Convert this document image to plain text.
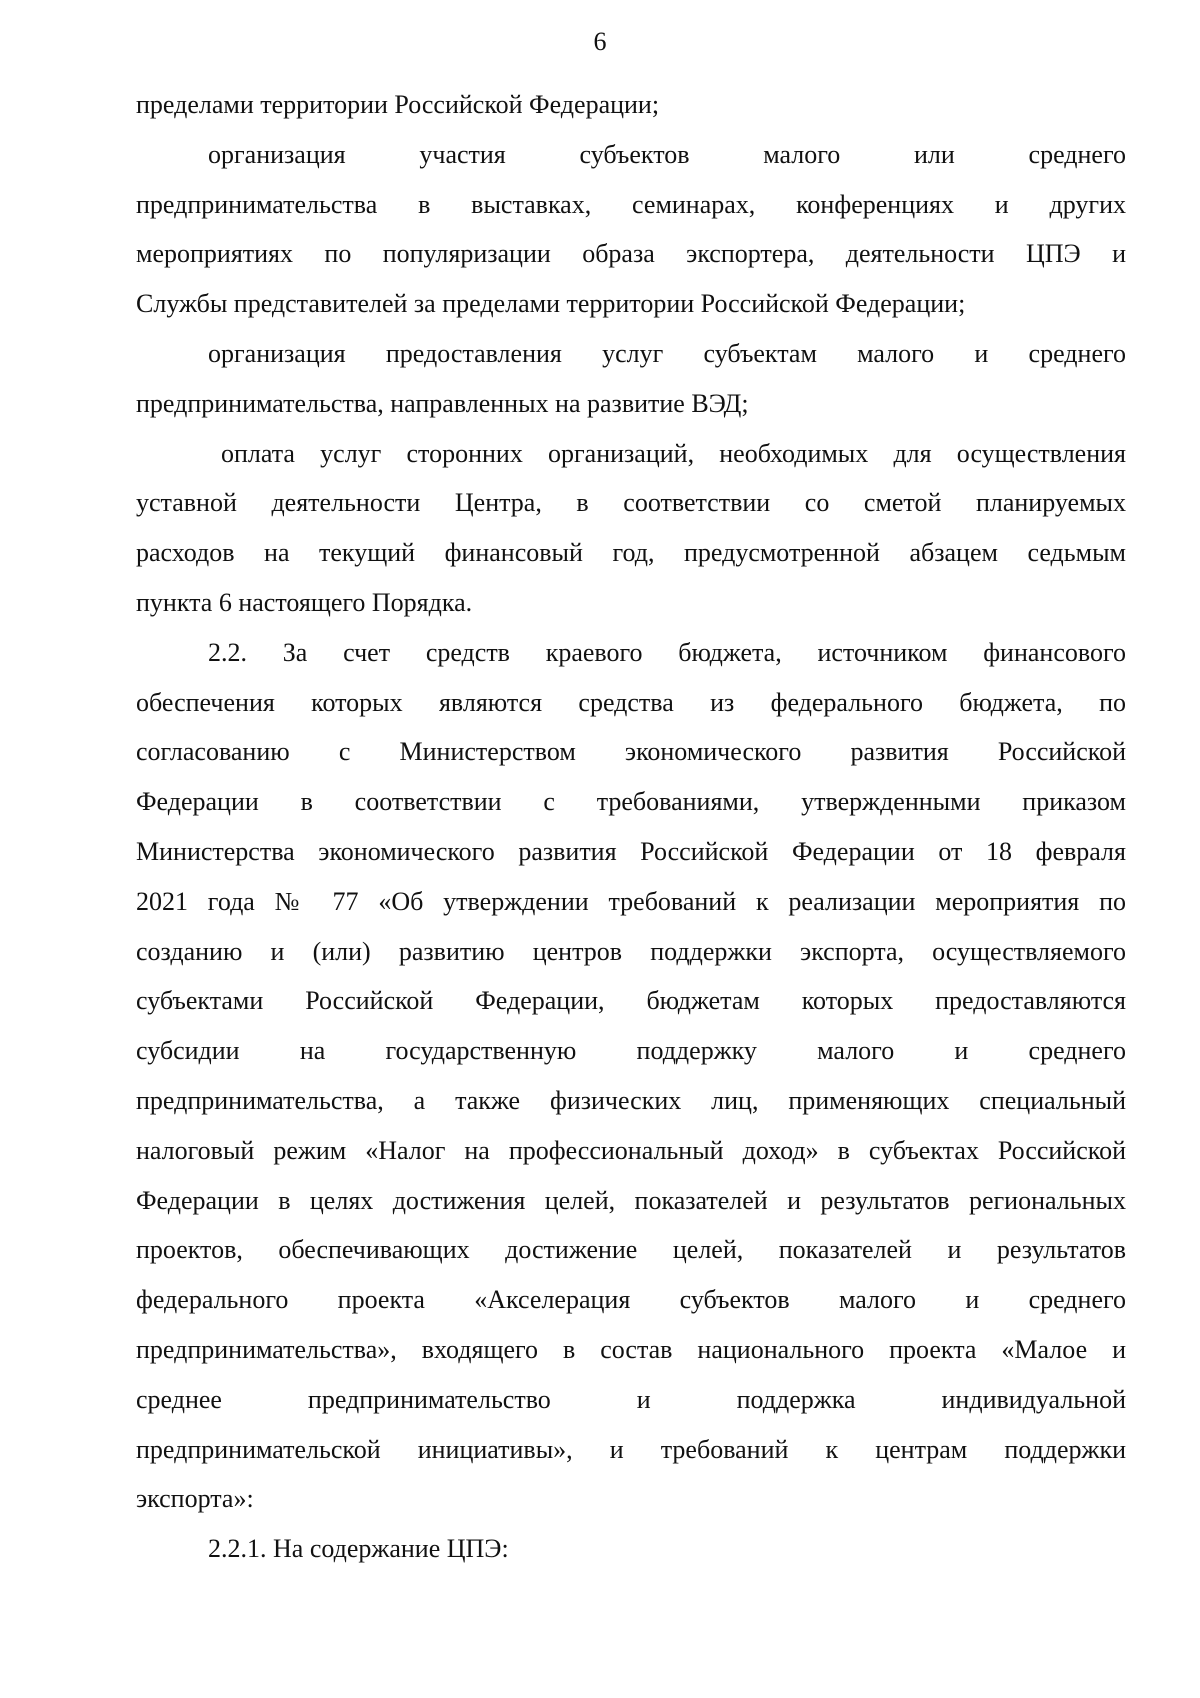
6
пределами территории Российской Федерации;
организация участия субъектов малого или среднего
предпринимательства в выставках, семинарах, конференциях и других
мероприятиях по популяризации образа экспортера, деятельности ЦПЭ и
Службы представителей за пределами территории Российской Федерации;
организация предоставления услуг субъектам малого и среднего
предпринимательства, направленных на развитие ВЭД;
оплата услуг сторонних организаций, необходимых для осуществления
уставной деятельности Центра, в соответствии со сметой планируемых
расходов на текущий финансовый год, предусмотренной абзацем седьмым
пункта 6 настоящего Порядка.
2.2. За счет средств краевого бюджета, источником финансового
обеспечения которых являются средства из федерального бюджета, по
согласованию с Министерством экономического развития Российской
Федерации в соответствии с требованиями, утвержденными приказом
Министерства экономического развития Российской Федерации от 18 февраля
2021 года № 77 «Об утверждении требований к реализации мероприятия по
созданию и (или) развитию центров поддержки экспорта, осуществляемого
субъектами Российской Федерации, бюджетам которых предоставляются
субсидии на государственную поддержку малого и среднего
предпринимательства, а также физических лиц, применяющих специальный
налоговый режим «Налог на профессиональный доход» в субъектах Российской
Федерации в целях достижения целей, показателей и результатов региональных
проектов, обеспечивающих достижение целей, показателей и результатов
федерального проекта «Акселерация субъектов малого и среднего
предпринимательства», входящего в состав национального проекта «Малое и
среднее предпринимательство и поддержка индивидуальной
предпринимательской инициативы», и требований к центрам поддержки
экспорта»:
2.2.1. На содержание ЦПЭ:
